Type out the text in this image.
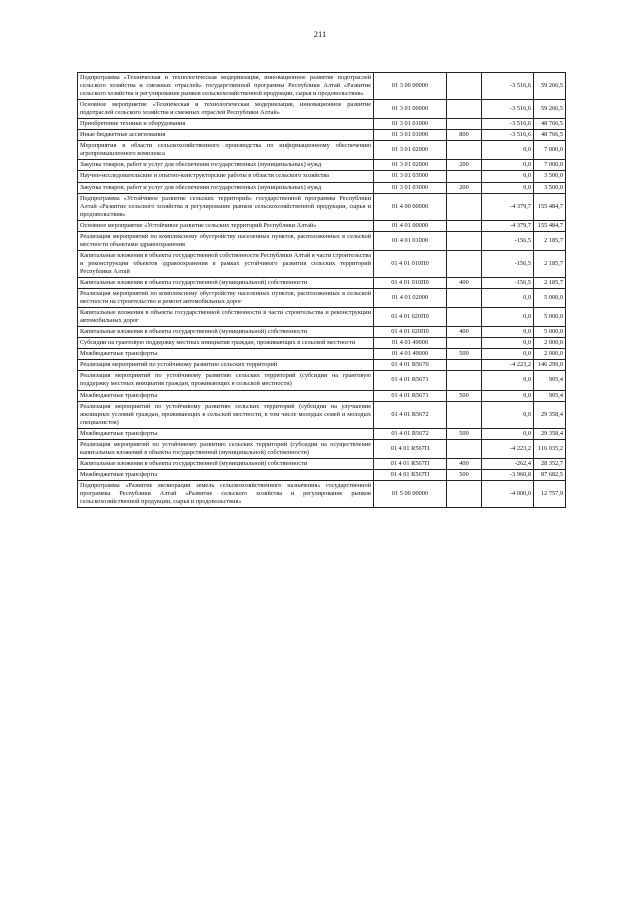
211
Подпрограмма «Техническая и технологическая модернизация, инновационное развитие подотраслей сельского хозяйства и смежных отраслей» государственной программы Республики Алтай «Развитие сельского хозяйства и регулирование рынков сельскохозяйственной продукции, сырья и продовольствия»	01 3 00 00000		-3 516,6	59 266,5
Основное мероприятие «Техническая и технологическая модернизация, инновационное развитие подотраслей сельского хозяйства и смежных отраслей Республики Алтай»	01 3 01 00000		-3 516,6	59 266,5
Приобретение техники и оборудования	01 3 01 01000		-3 516,6	48 766,5
Иные бюджетные ассигнования	01 3 01 01000	800	-3 516,6	48 766,5
Мероприятия в области сельскохозяйственного производства по информационному обеспечению агропромышленного комплекса	01 3 01 02000		0,0	7 000,0
Закупка товаров, работ и услуг для обеспечения государственных (муниципальных) нужд	01 3 01 02000	200	0,0	7 000,0
Научно-исследовательские и опытно-конструкторские работы в области сельского хозяйства	01 3 01 03000		0,0	3 500,0
Закупка товаров, работ и услуг для обеспечения государственных (муниципальных) нужд	01 3 01 03000	200	0,0	3 500,0
Подпрограмма «Устойчивое развитие сельских территорий» государственной программы Республики Алтай «Развитие сельского хозяйства и регулирование рынков сельскохозяйственной продукции, сырья и продовольствия»	01 4 00 00000		-4 379,7	155 484,7
Основное мероприятие «Устойчивое развитие сельских территорий Республики Алтай»	01 4 01 00000		-4 379,7	155 484,7
Реализация мероприятий по комплексному обустройству населенных пунктов, расположенных в сельской местности объектами здравоохранения	01 4 01 01000		-156,5	2 185,7
Капитальные вложения в объекты государственной собственности Республики Алтай в части строительства и реконструкции объектов здравоохранения в рамках устойчивого развития сельских территорий Республики Алтай	01 4 01 010П0		-156,5	2 185,7
Капитальные вложения в объекты государственной (муниципальной) собственности	01 4 01 010П0	400	-156,5	2 185,7
Реализация мероприятий по комплексному обустройству населенных пунктов, расположенных в сельской местности на строительство и ремонт автомобильных дорог	01 4 01 02000		0,0	5 000,0
Капитальные вложения в объекты государственной собственности в части строительства и реконструкции автомобильных дорог	01 4 01 020П0		0,0	5 000,0
Капитальные вложения в объекты государственной (муниципальной) собственности	01 4 01 020П0	400	0,0	5 000,0
Субсидии на грантовую поддержку местных инициатив граждан, проживающих в сельской местности	01 4 01 49000		0,0	2 000,0
Межбюджетные трансферты	01 4 01 49000	500	0,0	2 000,0
Реализация мероприятий по устойчивому развитию сельских территорий	01 4 01 R5670		-4 223,2	146 299,0
Реализация мероприятий по устойчивому развитию сельских территорий (субсидии на грантовую поддержку местных инициатив граждан, проживающих в сельской местности)	01 4 01 R5671		0,0	905,4
Межбюджетные трансферты	01 4 01 R5671	500	0,0	905,4
Реализация мероприятий по устойчивому развитию сельских территорий (субсидии на улучшение жилищных условий граждан, проживающих в сельской местности, в том числе молодых семей и молодых специалистов)	01 4 01 R5672		0,0	29 358,4
Межбюджетные трансферты	01 4 01 R5672	500	0,0	29 358,4
Реализация мероприятий по устойчивому развитию сельских территорий (субсидии на осуществление капитальных вложений в объекты государственной (муниципальной) собственности)	01 4 01 R567П		-4 223,2	116 035,2
Капитальные вложения в объекты государственной (муниципальной) собственности	01 4 01 R567П	400	-262,4	28 352,7
Межбюджетные трансферты	01 4 01 R567П	500	-3 960,8	87 682,5
Подпрограмма «Развитие мелиорации земель сельскохозяйственного назначения» государственной программы Республики Алтай «Развитие сельского хозяйства и регулирование рынков сельскохозяйственной продукции, сырья и продовольствия»	01 5 00 00000		-4 000,0	12 757,9
